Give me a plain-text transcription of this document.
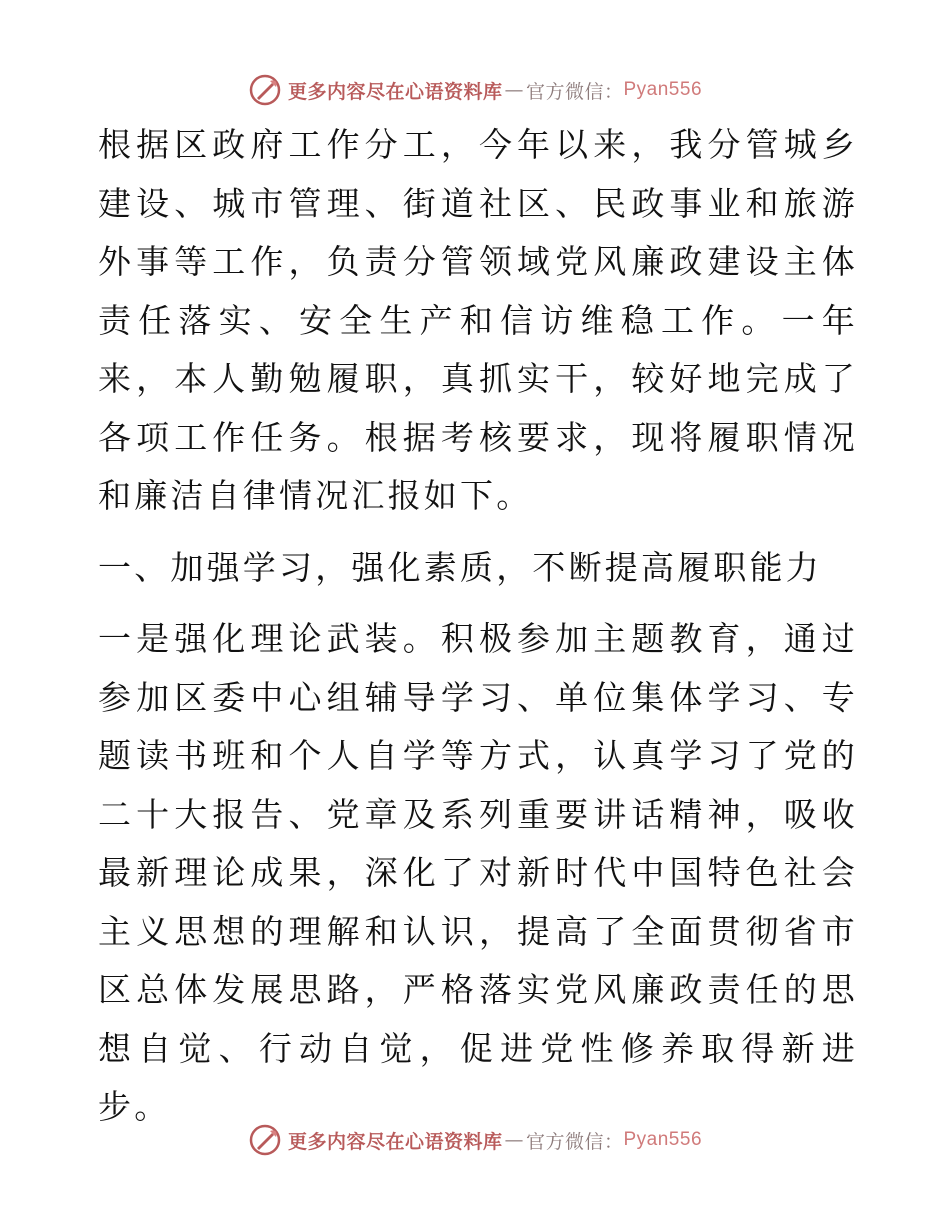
更多内容尽在心语资料库 — 官方微信： Pyan556

根据区政府工作分工，今年以来，我分管城乡建设、城市管理、街道社区、民政事业和旅游外事等工作，负责分管领域党风廉政建设主体责任落实、安全生产和信访维稳工作。一年来，本人勤勉履职，真抓实干，较好地完成了各项工作任务。根据考核要求，现将履职情况和廉洁自律情况汇报如下。

一、加强学习，强化素质，不断提高履职能力

一是强化理论武装。积极参加主题教育，通过参加区委中心组辅导学习、单位集体学习、专题读书班和个人自学等方式，认真学习了党的二十大报告、党章及系列重要讲话精神，吸收最新理论成果，深化了对新时代中国特色社会主义思想的理解和认识，提高了全面贯彻省市区总体发展思路，严格落实党风廉政责任的思想自觉、行动自觉，促进党性修养取得新进步。

更多内容尽在心语资料库 — 官方微信： Pyan556
